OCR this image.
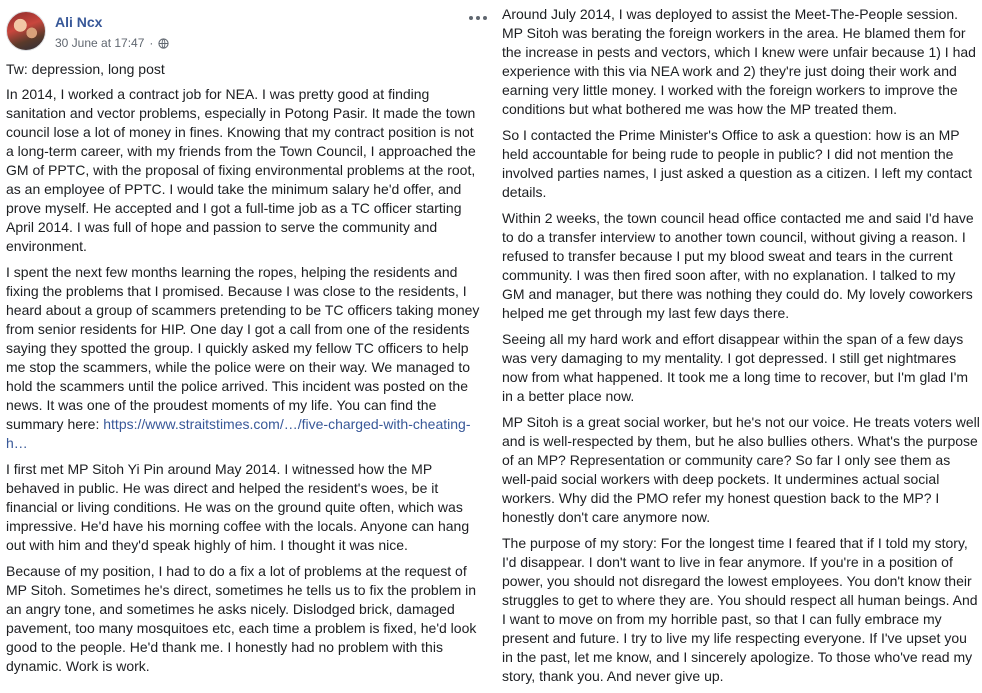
Ali Ncx
30 June at 17:47 ·
Tw: depression, long post

In 2014, I worked a contract job for NEA. I was pretty good at finding sanitation and vector problems, especially in Potong Pasir. It made the town council lose a lot of money in fines. Knowing that my contract position is not a long-term career, with my friends from the Town Council, I approached the GM of PPTC, with the proposal of fixing environmental problems at the root, as an employee of PPTC. I would take the minimum salary he'd offer, and prove myself. He accepted and I got a full-time job as a TC officer starting April 2014. I was full of hope and passion to serve the community and environment.

I spent the next few months learning the ropes, helping the residents and fixing the problems that I promised. Because I was close to the residents, I heard about a group of scammers pretending to be TC officers taking money from senior residents for HIP. One day I got a call from one of the residents saying they spotted the group. I quickly asked my fellow TC officers to help me stop the scammers, while the police were on their way. We managed to hold the scammers until the police arrived. This incident was posted on the news. It was one of the proudest moments of my life. You can find the summary here: https://www.straitstimes.com/…/five-charged-with-cheating-h…

I first met MP Sitoh Yi Pin around May 2014. I witnessed how the MP behaved in public. He was direct and helped the resident's woes, be it financial or living conditions. He was on the ground quite often, which was impressive. He'd have his morning coffee with the locals. Anyone can hang out with him and they'd speak highly of him. I thought it was nice.

Because of my position, I had to do a fix a lot of problems at the request of MP Sitoh. Sometimes he's direct, sometimes he tells us to fix the problem in an angry tone, and sometimes he asks nicely. Dislodged brick, damaged pavement, too many mosquitoes etc, each time a problem is fixed, he'd look good to the people. He'd thank me. I honestly had no problem with this dynamic. Work is work.

Around July 2014, I was deployed to assist the Meet-The-People session. MP Sitoh was berating the foreign workers in the area. He blamed them for the increase in pests and vectors, which I knew were unfair because 1) I had experience with this via NEA work and 2) they're just doing their work and earning very little money. I worked with the foreign workers to improve the conditions but what bothered me was how the MP treated them.

So I contacted the Prime Minister's Office to ask a question: how is an MP held accountable for being rude to people in public? I did not mention the involved parties names, I just asked a question as a citizen. I left my contact details.

Within 2 weeks, the town council head office contacted me and said I'd have to do a transfer interview to another town council, without giving a reason. I refused to transfer because I put my blood sweat and tears in the current community. I was then fired soon after, with no explanation. I talked to my GM and manager, but there was nothing they could do. My lovely coworkers helped me get through my last few days there.

Seeing all my hard work and effort disappear within the span of a few days was very damaging to my mentality. I got depressed. I still get nightmares now from what happened. It took me a long time to recover, but I'm glad I'm in a better place now.

MP Sitoh is a great social worker, but he's not our voice. He treats voters well and is well-respected by them, but he also bullies others. What's the purpose of an MP? Representation or community care? So far I only see them as well-paid social workers with deep pockets. It undermines actual social workers. Why did the PMO refer my honest question back to the MP? I honestly don't care anymore now.

The purpose of my story: For the longest time I feared that if I told my story, I'd disappear. I don't want to live in fear anymore. If you're in a position of power, you should not disregard the lowest employees. You don't know their struggles to get to where they are. You should respect all human beings. And I want to move on from my horrible past, so that I can fully embrace my present and future. I try to live my life respecting everyone. If I've upset you in the past, let me know, and I sincerely apologize. To those who've read my story, thank you. And never give up.
